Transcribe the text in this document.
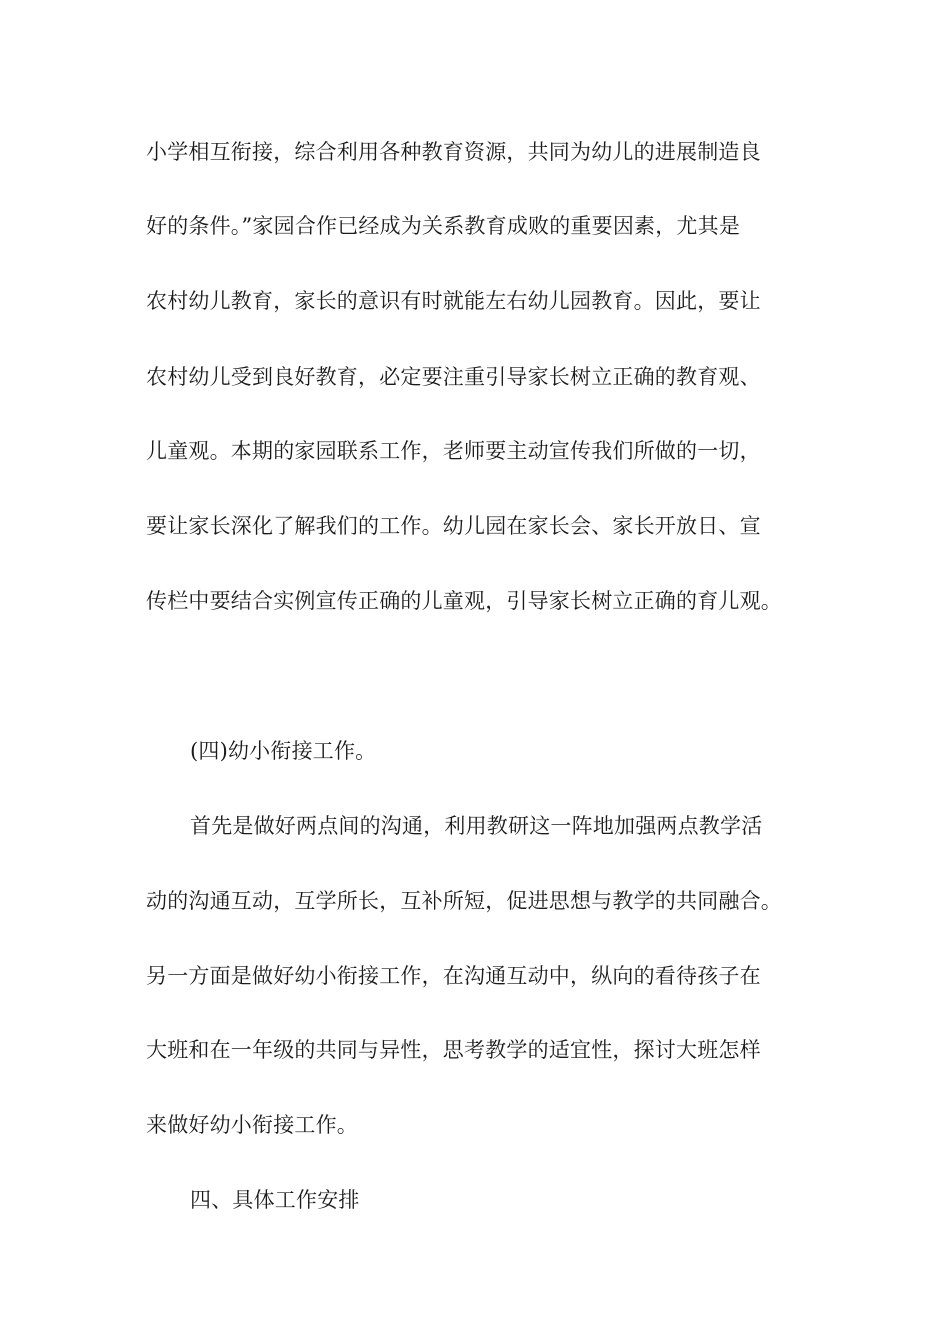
小学相互衔接，综合利用各种教育资源，共同为幼儿的进展制造良
好的条件。”家园合作已经成为关系教育成败的重要因素，尤其是
农村幼儿教育，家长的意识有时就能左右幼儿园教育。因此，要让
农村幼儿受到良好教育，必定要注重引导家长树立正确的教育观、
儿童观。本期的家园联系工作，老师要主动宣传我们所做的一切，
要让家长深化了解我们的工作。幼儿园在家长会、家长开放日、宣
传栏中要结合实例宣传正确的儿童观，引导家长树立正确的育儿观。
(四)幼小衔接工作。
首先是做好两点间的沟通，利用教研这一阵地加强两点教学活
动的沟通互动，互学所长，互补所短，促进思想与教学的共同融合。
另一方面是做好幼小衔接工作，在沟通互动中，纵向的看待孩子在
大班和在一年级的共同与异性，思考教学的适宜性，探讨大班怎样
来做好幼小衔接工作。
四、具体工作安排
